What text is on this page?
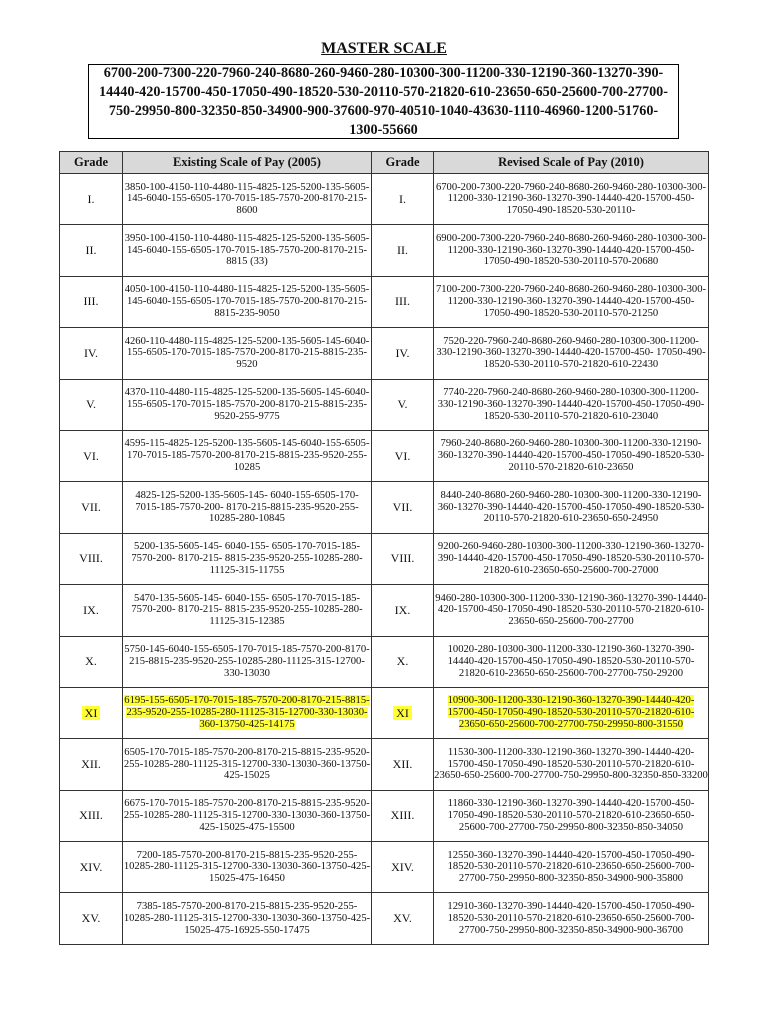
MASTER SCALE
6700-200-7300-220-7960-240-8680-260-9460-280-10300-300-11200-330-12190-360-13270-390-14440-420-15700-450-17050-490-18520-530-20110-570-21820-610-23650-650-25600-700-27700-750-29950-800-32350-850-34900-900-37600-970-40510-1040-43630-1110-46960-1200-51760-1300-55660
Grade	Existing Scale of Pay (2005)	Grade	Revised Scale of Pay (2010)
I.	3850-100-4150-110-4480-115-4825-125-5200-135-5605-145-6040-155-6505-170-7015-185-7570-200-8170-215-8600	I.	6700-200-7300-220-7960-240-8680-260-9460-280-10300-300-11200-330-12190-360-13270-390-14440-420-15700-450-17050-490-18520-530-20110-
II.	3950-100-4150-110-4480-115-4825-125-5200-135-5605-145-6040-155-6505-170-7015-185-7570-200-8170-215-8815 (33)	II.	6900-200-7300-220-7960-240-8680-260-9460-280-10300-300-11200-330-12190-360-13270-390-14440-420-15700-450-17050-490-18520-530-20110-570-20680
III.	4050-100-4150-110-4480-115-4825-125-5200-135-5605-145-6040-155-6505-170-7015-185-7570-200-8170-215-8815-235-9050	III.	7100-200-7300-220-7960-240-8680-260-9460-280-10300-300-11200-330-12190-360-13270-390-14440-420-15700-450-17050-490-18520-530-20110-570-21250
IV.	4260-110-4480-115-4825-125-5200-135-5605-145-6040-155-6505-170-7015-185-7570-200-8170-215-8815-235-9520	IV.	7520-220-7960-240-8680-260-9460-280-10300-300-11200-330-12190-360-13270-390-14440-420-15700-450- 17050-490-18520-530-20110-570-21820-610-22430
V.	4370-110-4480-115-4825-125-5200-135-5605-145-6040-155-6505-170-7015-185-7570-200-8170-215-8815-235-9520-255-9775	V.	7740-220-7960-240-8680-260-9460-280-10300-300-11200-330-12190-360-13270-390-14440-420-15700-450-17050-490-18520-530-20110-570-21820-610-23040
VI.	4595-115-4825-125-5200-135-5605-145-6040-155-6505-170-7015-185-7570-200-8170-215-8815-235-9520-255-10285	VI.	7960-240-8680-260-9460-280-10300-300-11200-330-12190-360-13270-390-14440-420-15700-450-17050-490-18520-530-20110-570-21820-610-23650
VII.	4825-125-5200-135-5605-145- 6040-155-6505-170-7015-185-7570-200- 8170-215-8815-235-9520-255-10285-280-10845	VII.	8440-240-8680-260-9460-280-10300-300-11200-330-12190-360-13270-390-14440-420-15700-450-17050-490-18520-530-20110-570-21820-610-23650-650-24950
VIII.	5200-135-5605-145- 6040-155- 6505-170-7015-185-7570-200- 8170-215- 8815-235-9520-255-10285-280-11125-315-11755	VIII.	9200-260-9460-280-10300-300-11200-330-12190-360-13270-390-14440-420-15700-450-17050-490-18520-530-20110-570-21820-610-23650-650-25600-700-27000
IX.	5470-135-5605-145- 6040-155- 6505-170-7015-185-7570-200- 8170-215- 8815-235-9520-255-10285-280-11125-315-12385	IX.	9460-280-10300-300-11200-330-12190-360-13270-390-14440-420-15700-450-17050-490-18520-530-20110-570-21820-610-23650-650-25600-700-27700
X.	5750-145-6040-155-6505-170-7015-185-7570-200-8170-215-8815-235-9520-255-10285-280-11125-315-12700-330-13030	X.	10020-280-10300-300-11200-330-12190-360-13270-390-14440-420-15700-450-17050-490-18520-530-20110-570-21820-610-23650-650-25600-700-27700-750-29200
XI	6195-155-6505-170-7015-185-7570-200-8170-215-8815-235-9520-255-10285-280-11125-315-12700-330-13030-360-13750-425-14175	XI	10900-300-11200-330-12190-360-13270-390-14440-420-15700-450-17050-490-18520-530-20110-570-21820-610-23650-650-25600-700-27700-750-29950-800-31550
XII.	6505-170-7015-185-7570-200-8170-215-8815-235-9520-255-10285-280-11125-315-12700-330-13030-360-13750-425-15025	XII.	11530-300-11200-330-12190-360-13270-390-14440-420-15700-450-17050-490-18520-530-20110-570-21820-610-23650-650-25600-700-27700-750-29950-800-32350-850-33200
XIII.	6675-170-7015-185-7570-200-8170-215-8815-235-9520-255-10285-280-11125-315-12700-330-13030-360-13750-425-15025-475-15500	XIII.	11860-330-12190-360-13270-390-14440-420-15700-450-17050-490-18520-530-20110-570-21820-610-23650-650-25600-700-27700-750-29950-800-32350-850-34050
XIV.	7200-185-7570-200-8170-215-8815-235-9520-255-10285-280-11125-315-12700-330-13030-360-13750-425-15025-475-16450	XIV.	12550-360-13270-390-14440-420-15700-450-17050-490-18520-530-20110-570-21820-610-23650-650-25600-700-27700-750-29950-800-32350-850-34900-900-35800
XV.	7385-185-7570-200-8170-215-8815-235-9520-255-10285-280-11125-315-12700-330-13030-360-13750-425-15025-475-16925-550-17475	XV.	12910-360-13270-390-14440-420-15700-450-17050-490-18520-530-20110-570-21820-610-23650-650-25600-700-27700-750-29950-800-32350-850-34900-900-36700
